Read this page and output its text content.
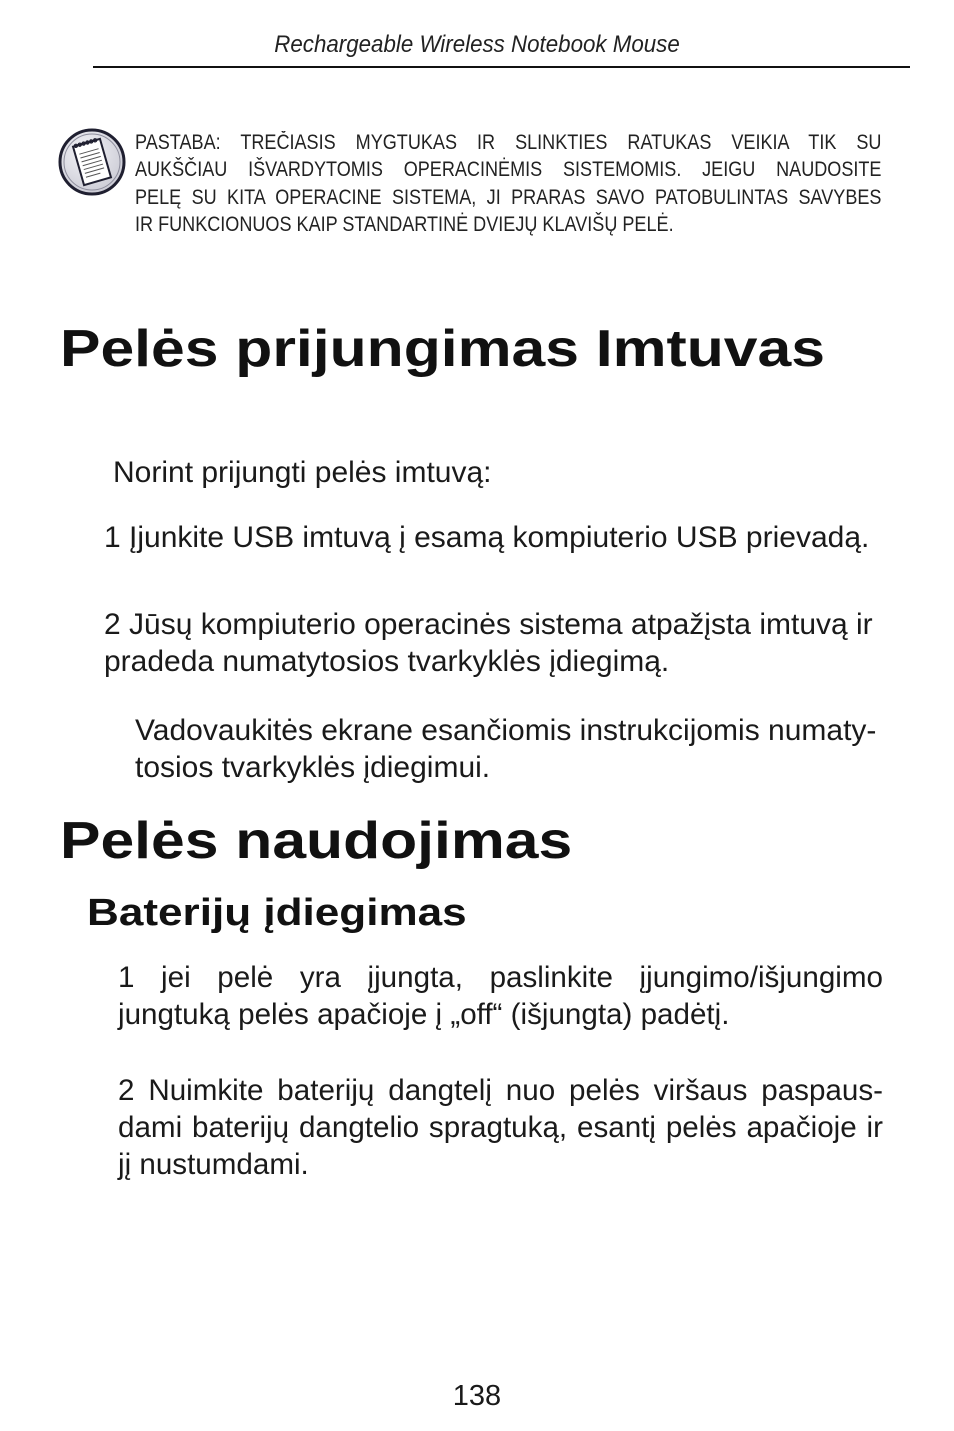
Rechargeable Wireless Notebook Mouse
PASTABA: TREČIASIS MYGTUKAS IR SLINKTIES RATUKAS VEIKIA TIK SU
AUKŠČIAU IŠVARDYTOMIS OPERACINĖMIS SISTEMOMIS. JEIGU NAUDOSITE
PELĘ SU KITA OPERACINE SISTEMA, JI PRARAS SAVO PATOBULINTAS SAVYBES
IR FUNKCIONUOS KAIP STANDARTINĖ DVIEJŲ KLAVIŠŲ PELĖ.
Pelės prijungimas Imtuvas
Norint prijungti pelės imtuvą:
1 Įjunkite USB imtuvą į esamą kompiuterio USB prievadą.
2 Jūsų kompiuterio operacinės sistema atpažįsta imtuvą ir
pradeda numatytosios tvarkyklės įdiegimą.
Vadovaukitės ekrane esančiomis instrukcijomis numaty-
tosios tvarkyklės įdiegimui.
Pelės naudojimas
Baterijų įdiegimas
1 jei pelė yra įjungta, paslinkite įjungimo/išjungimo
jungtuką pelės apačioje į „off“ (išjungta) padėtį.
2 Nuimkite baterijų dangtelį nuo pelės viršaus paspaus-
dami baterijų dangtelio spragtuką, esantį pelės apačioje ir
jį nustumdami.
138
